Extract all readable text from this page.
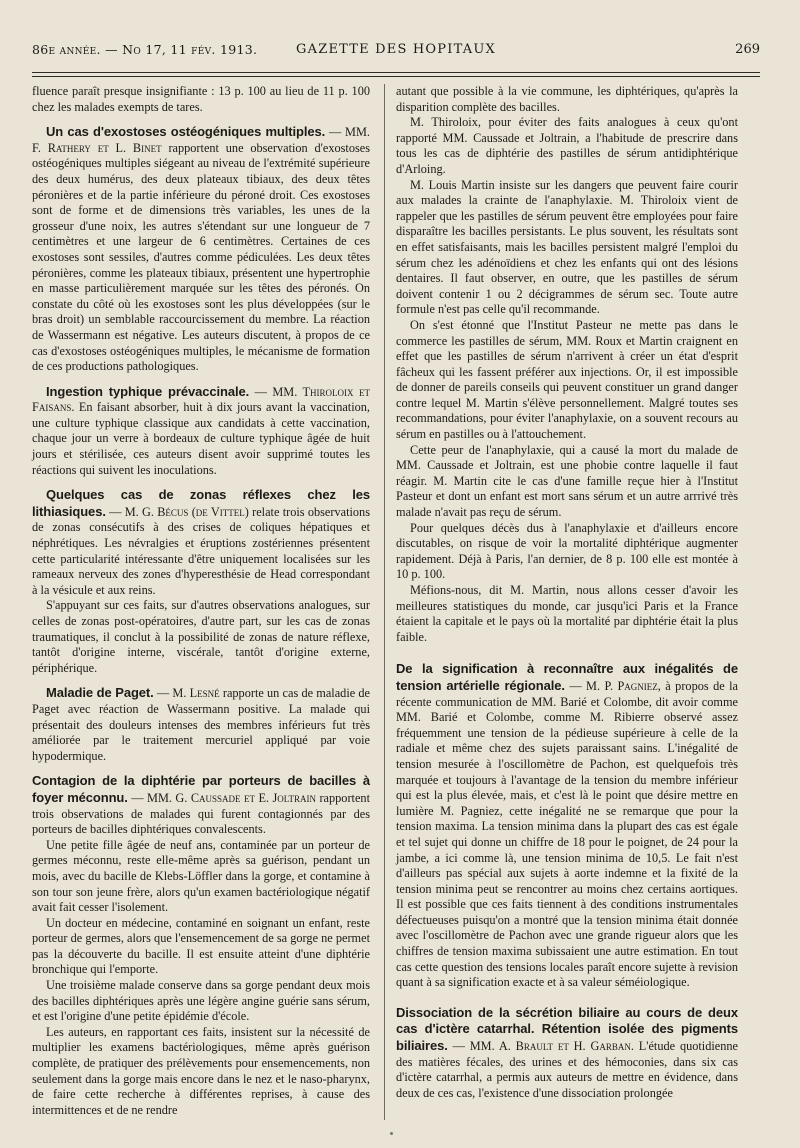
86e année. — No 17, 11 fév. 1913.	GAZETTE DES HOPITAUX	269

fluence paraît presque insignifiante : 13 p. 100 au lieu de 11 p. 100 chez les malades exempts de tares.

Un cas d'exostoses ostéogéniques multiples. — MM. F. Rathery et L. Binet rapportent une observation d'exostoses ostéogéniques multiples siégeant au niveau de l'extrémité supérieure des deux humérus, des deux plateaux tibiaux, des deux têtes péronières et de la partie inférieure du péroné droit. Ces exostoses sont de forme et de dimensions très variables, les unes de la grosseur d'une noix, les autres s'étendant sur une longueur de 7 centimètres et une largeur de 6 centimètres. Certaines de ces exostoses sont sessiles, d'autres comme pédiculées. Les deux têtes péronières, comme les plateaux tibiaux, présentent une hypertrophie en masse particulièrement marquée sur les têtes des péronés. On constate du côté où les exostoses sont les plus développées (sur le bras droit) un semblable raccourcissement du membre. La réaction de Wassermann est négative. Les auteurs discutent, à propos de ce cas d'exostoses ostéogéniques multiples, le mécanisme de formation de ces productions pathologiques.

Ingestion typhique prévaccinale. — MM. Thiroloix et Faisans. En faisant absorber, huit à dix jours avant la vaccination, une culture typhique classique aux candidats à cette vaccination, chaque jour un verre à bordeaux de culture typhique âgée de huit jours et stérilisée, ces auteurs disent avoir supprimé toutes les réactions qui suivent les inoculations.

Quelques cas de zonas réflexes chez les lithiasiques. — M. G. Bécus (de Vittel) relate trois observations de zonas consécutifs à des crises de coliques hépatiques et néphrétiques. Les névralgies et éruptions zostériennes présentent cette particularité intéressante d'être uniquement localisées sur les rameaux nerveux des zones d'hyperesthésie de Head correspondant à la vésicule et aux reins.

S'appuyant sur ces faits, sur d'autres observations analogues, sur celles de zonas post-opératoires, d'autre part, sur les cas de zonas traumatiques, il conclut à la possibilité de zonas de nature réflexe, tantôt d'origine interne, viscérale, tantôt d'origine externe, périphérique.

Maladie de Paget. — M. Lesné rapporte un cas de maladie de Paget avec réaction de Wassermann positive. La malade qui présentait des douleurs intenses des membres inférieurs fut très améliorée par le traitement mercuriel appliqué par voie hypodermique.

Contagion de la diphtérie par porteurs de bacilles à foyer méconnu. — MM. G. Caussade et E. Joltrain rapportent trois observations de malades qui furent contagionnés par des porteurs de bacilles diphtériques convalescents.

Une petite fille âgée de neuf ans, contaminée par un porteur de germes méconnu, reste elle-même après sa guérison, pendant un mois, avec du bacille de Klebs-Löffler dans la gorge, et contamine à son tour son jeune frère, alors qu'un examen bactériologique négatif avait fait cesser l'isolement.

Un docteur en médecine, contaminé en soignant un enfant, reste porteur de germes, alors que l'ensemencement de sa gorge ne permet pas la découverte du bacille. Il est ensuite atteint d'une diphtérie bronchique qui l'emporte.

Une troisième malade conserve dans sa gorge pendant deux mois des bacilles diphtériques après une légère angine guérie sans sérum, et est l'origine d'une petite épidémie d'école.

Les auteurs, en rapportant ces faits, insistent sur la nécessité de multiplier les examens bactériologiques, même après guérison complète, de pratiquer des prélèvements pour ensemencements, non seulement dans la gorge mais encore dans le nez et le naso-pharynx, de faire cette recherche à différentes reprises, à cause des intermittences et de ne rendre

autant que possible à la vie commune, les diphtériques, qu'après la disparition complète des bacilles.

M. Thiroloix, pour éviter des faits analogues à ceux qu'ont rapporté MM. Caussade et Joltrain, a l'habitude de prescrire dans tous les cas de diphtérie des pastilles de sérum antidiphtérique d'Arloing.

M. Louis Martin insiste sur les dangers que peuvent faire courir aux malades la crainte de l'anaphylaxie. M. Thiroloix vient de rappeler que les pastilles de sérum peuvent être employées pour faire disparaître les bacilles persistants. Le plus souvent, les résultats sont en effet satisfaisants, mais les bacilles persistent malgré l'emploi du sérum chez les adénoïdiens et chez les enfants qui ont des lésions dentaires. Il faut observer, en outre, que les pastilles de sérum doivent contenir 1 ou 2 décigrammes de sérum sec. Toute autre formule n'est pas celle qu'il recommande.

On s'est étonné que l'Institut Pasteur ne mette pas dans le commerce les pastilles de sérum, MM. Roux et Martin craignent en effet que les pastilles de sérum n'arrivent à créer un état d'esprit fâcheux qui les fassent préférer aux injections. Or, il est impossible de donner de pareils conseils qui peuvent constituer un grand danger contre lequel M. Martin s'élève personnellement. Malgré toutes ses recommandations, pour éviter l'anaphylaxie, on a souvent recours au sérum en pastilles ou à l'attouchement.

Cette peur de l'anaphylaxie, qui a causé la mort du malade de MM. Caussade et Joltrain, est une phobie contre laquelle il faut réagir. M. Martin cite le cas d'une famille reçue hier à l'Institut Pasteur et dont un enfant est mort sans sérum et un autre arrrivé très malade n'avait pas reçu de sérum.

Pour quelques décès dus à l'anaphylaxie et d'ailleurs encore discutables, on risque de voir la mortalité diphtérique augmenter rapidement. Déjà à Paris, l'an dernier, de 8 p. 100 elle est montée à 10 p. 100.

Méfions-nous, dit M. Martin, nous allons cesser d'avoir les meilleures statistiques du monde, car jusqu'ici Paris et la France étaient la capitale et le pays où la mortalité par diphtérie était la plus faible.

De la signification à reconnaître aux inégalités de tension artérielle régionale. — M. P. Pagniez, à propos de la récente communication de MM. Barié et Colombe, dit avoir comme MM. Barié et Colombe, comme M. Ribierre observé assez fréquemment une tension de la pédieuse supérieure à celle de la radiale et même chez des sujets paraissant sains. L'inégalité de tension mesurée à l'oscillomètre de Pachon, est quelquefois très marquée et toujours à l'avantage de la tension du membre inférieur qui est la plus élevée, mais, et c'est là le point que désire mettre en lumière M. Pagniez, cette inégalité ne se remarque que pour la tension maxima. La tension minima dans la plupart des cas est égale et tel sujet qui donne un chiffre de 18 pour le poignet, de 24 pour la jambe, a ici comme là, une tension minima de 10,5. Le fait n'est d'ailleurs pas spécial aux sujets à aorte indemne et la fixité de la tension minima peut se rencontrer au moins chez certains aortiques. Il est possible que ces faits tiennent à des conditions instrumentales défectueuses puisqu'on a montré que la tension minima était donnée avec l'oscillomètre de Pachon avec une grande rigueur alors que les chiffres de tension maxima subissaient une autre estimation. En tout cas cette question des tensions locales paraît encore sujette à revision quant à sa signification exacte et à sa valeur séméiologique.

Dissociation de la sécrétion biliaire au cours de deux cas d'ictère catarrhal. Rétention isolée des pigments biliaires. — MM. A. Brault et H. Garban. L'étude quotidienne des matières fécales, des urines et des hémoconies, dans six cas d'ictère catarrhal, a permis aux auteurs de mettre en évidence, dans deux de ces cas, l'existence d'une dissociation prolongée
